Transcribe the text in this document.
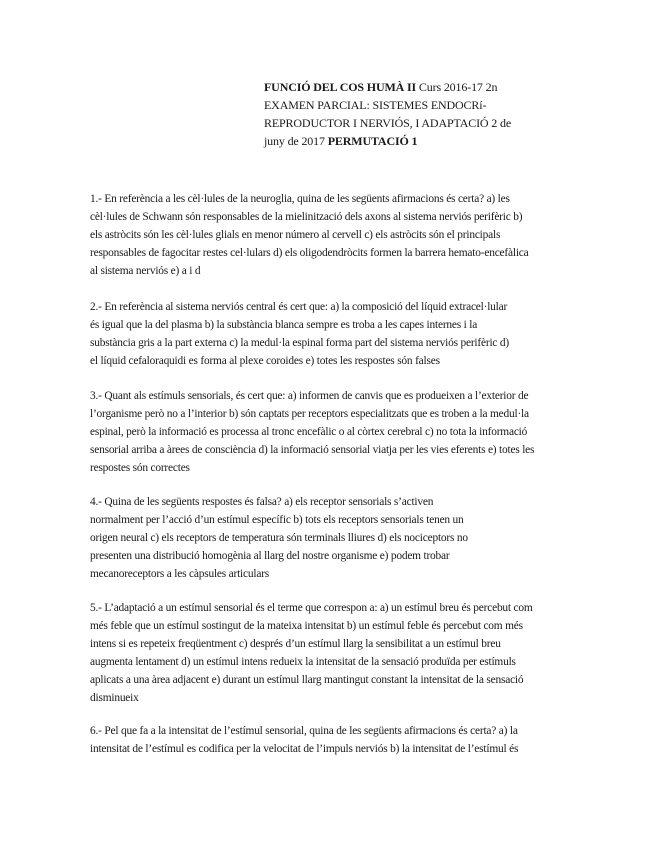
FUNCIÓ DEL COS HUMÀ II Curs 2016-17 2n
EXAMEN PARCIAL: SISTEMES ENDOCRí-
REPRODUCTOR I NERVIÓS, I ADAPTACIÓ 2 de
juny de 2017 PERMUTACIÓ 1
1.- En referència a les cèl·lules de la neuroglia, quina de les següents afirmacions és certa? a) les
cèl·lules de Schwann són responsables de la mielinització dels axons al sistema nerviós perifèric b)
els astròcits són les cèl·lules glials en menor número al cervell c) els astròcits són el principals
responsables de fagocitar restes cel·lulars d) els oligodendròcits formen la barrera hemato-encefàlica
al sistema nerviós e) a i d
2.- En referència al sistema nerviós central és cert que: a) la composició del líquid extracel·lular
és igual que la del plasma b) la substància blanca sempre es troba a les capes internes i la
substància gris a la part externa c) la medul·la espinal forma part del sistema nerviós perifèric d)
el líquid cefaloraquidi es forma al plexe coroides e) totes les respostes són falses
3.- Quant als estímuls sensorials, és cert que: a) informen de canvis que es produeixen a l’exterior de
l’organisme però no a l’interior b) són captats per receptors especialitzats que es troben a la medul·la
espinal, però la informació es processa al tronc encefàlic o al còrtex cerebral c) no tota la informació
sensorial arriba a àrees de consciència d) la informació sensorial viatja per les vies eferents e) totes les
respostes són correctes
4.- Quina de les següents respostes és falsa? a) els receptor sensorials s’activen
normalment per l’acció d’un estímul específic b) tots els receptors sensorials tenen un
origen neural c) els receptors de temperatura són terminals lliures d) els nociceptors no
presenten una distribució homogènia al llarg del nostre organisme e) podem trobar
mecanoreceptors a les càpsules articulars
5.- L’adaptació a un estímul sensorial és el terme que correspon a: a) un estímul breu és percebut com
més feble que un estímul sostingut de la mateixa intensitat b) un estímul feble és percebut com més
intens si es repeteix freqüentment c) després d’un estímul llarg la sensibilitat a un estímul breu
augmenta lentament d) un estímul intens redueix la intensitat de la sensació produïda per estímuls
aplicats a una àrea adjacent e) durant un estímul llarg mantingut constant la intensitat de la sensació
disminueix
6.- Pel que fa a la intensitat de l’estímul sensorial, quina de les següents afirmacions és certa? a) la
intensitat de l’estímul es codifica per la velocitat de l’impuls nerviós b) la intensitat de l’estímul és
